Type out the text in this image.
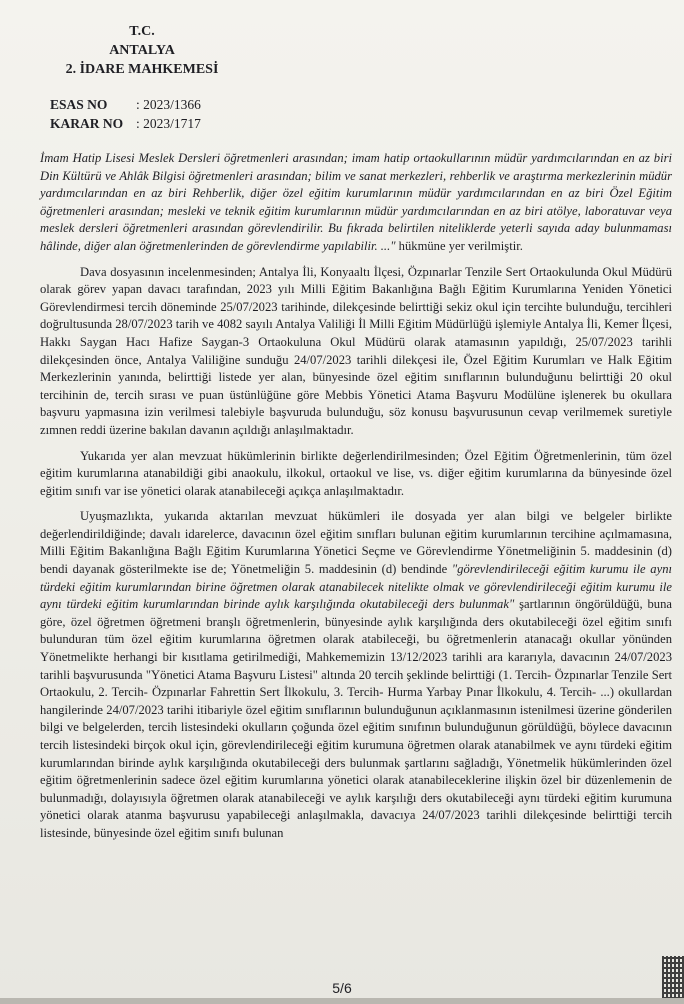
T.C.
ANTALYA
2. İDARE MAHKEMESİ
ESAS NO : 2023/1366
KARAR NO : 2023/1717

İmam Hatip Lisesi Meslek Dersleri öğretmenleri arasından; imam hatip ortaokullarının müdür yardımcılarından en az biri Din Kültürü ve Ahlâk Bilgisi öğretmenleri arasından; bilim ve sanat merkezleri, rehberlik ve araştırma merkezlerinin müdür yardımcılarından en az biri Rehberlik, diğer özel eğitim kurumlarının müdür yardımcılarından en az biri Özel Eğitim öğretmenleri arasından; mesleki ve teknik eğitim kurumlarının müdür yardımcılarından en az biri atölye, laboratuvar veya meslek dersleri öğretmenleri arasından görevlendirilir. Bu fıkrada belirtilen niteliklerde yeterli sayıda aday bulunmaması hâlinde, diğer alan öğretmenlerinden de görevlendirme yapılabilir. ..." hükmüne yer verilmiştir.

Dava dosyasının incelenmesinden; Antalya İli, Konyaaltı İlçesi, Özpınarlar Tenzile Sert Ortaokulunda Okul Müdürü olarak görev yapan davacı tarafından, 2023 yılı Milli Eğitim Bakanlığına Bağlı Eğitim Kurumlarına Yeniden Yönetici Görevlendirmesi tercih döneminde 25/07/2023 tarihinde, dilekçesinde belirttiği sekiz okul için tercihte bulunduğu, tercihleri doğrultusunda 28/07/2023 tarih ve 4082 sayılı Antalya Valiliği İl Milli Eğitim Müdürlüğü işlemiyle Antalya İli, Kemer İlçesi, Hakkı Saygan Hacı Hafize Saygan-3 Ortaokuluna Okul Müdürü olarak atamasının yapıldığı, 25/07/2023 tarihli dilekçesinden önce, Antalya Valiliğine sunduğu 24/07/2023 tarihli dilekçesi ile, Özel Eğitim Kurumları ve Halk Eğitim Merkezlerinin yanında, belirttiği listede yer alan, bünyesinde özel eğitim sınıflarının bulunduğunu belirttiği 20 okul tercihinin de, tercih sırası ve puan üstünlüğüne göre Mebbis Yönetici Atama Başvuru Modülüne işlenerek bu okullara başvuru yapmasına izin verilmesi talebiyle başvuruda bulunduğu, söz konusu başvurusunun cevap verilmemek suretiyle zımnen reddi üzerine bakılan davanın açıldığı anlaşılmaktadır.

Yukarıda yer alan mevzuat hükümlerinin birlikte değerlendirilmesinden; Özel Eğitim Öğretmenlerinin, tüm özel eğitim kurumlarına atanabildiği gibi anaokulu, ilkokul, ortaokul ve lise, vs. diğer eğitim kurumlarına da bünyesinde özel eğitim sınıfı var ise yönetici olarak atanabileceği açıkça anlaşılmaktadır.

Uyuşmazlıkta, yukarıda aktarılan mevzuat hükümleri ile dosyada yer alan bilgi ve belgeler birlikte değerlendirildiğinde; davalı idarelerce, davacının özel eğitim sınıfları bulunan eğitim kurumlarının tercihine açılmamasına, Milli Eğitim Bakanlığına Bağlı Eğitim Kurumlarına Yönetici Seçme ve Görevlendirme Yönetmeliğinin 5. maddesinin (d) bendi dayanak gösterilmekte ise de; Yönetmeliğin 5. maddesinin (d) bendinde "görevlendirileceği eğitim kurumu ile aynı türdeki eğitim kurumlarından birine öğretmen olarak atanabilecek nitelikte olmak ve görevlendirileceği eğitim kurumu ile aynı türdeki eğitim kurumlarından birinde aylık karşılığında okutabileceği ders bulunmak" şartlarının öngörüldüğü, buna göre, özel öğretmen öğretmeni branşlı öğretmenlerin, bünyesinde aylık karşılığında ders okutabileceği özel eğitim sınıfı bulunduran tüm özel eğitim kurumlarına öğretmen olarak atabileceği, bu öğretmenlerin atanacağı okullar yönünden Yönetmelikte herhangi bir kısıtlama getirilmediği, Mahkememizin 13/12/2023 tarihli ara kararıyla, davacının 24/07/2023 tarihli başvurusunda "Yönetici Atama Başvuru Listesi" altında 20 tercih şeklinde belirttiği (1. Tercih- Özpınarlar Tenzile Sert Ortaokulu, 2. Tercih- Özpınarlar Fahrettin Sert İlkokulu, 3. Tercih- Hurma Yarbay Pınar İlkokulu, 4. Tercih- ...) okullardan hangilerinde 24/07/2023 tarihi itibariyle özel eğitim sınıflarının bulunduğunun açıklanmasının istenilmesi üzerine gönderilen bilgi ve belgelerden, tercih listesindeki okulların çoğunda özel eğitim sınıfının bulunduğunun görüldüğü, böylece davacının tercih listesindeki birçok okul için, görevlendirileceği eğitim kurumuna öğretmen olarak atanabilmek ve aynı türdeki eğitim kurumlarından birinde aylık karşılığında okutabileceği ders bulunmak şartlarını sağladığı, Yönetmelik hükümlerinden özel eğitim öğretmenlerinin sadece özel eğitim kurumlarına yönetici olarak atanabileceklerine ilişkin özel bir düzenlemenin de bulunmadığı, dolayısıyla öğretmen olarak atanabileceği ve aylık karşılığı ders okutabileceği aynı türdeki eğitim kurumuna yönetici olarak atanma başvurusu yapabileceği anlaşılmakla, davacıya 24/07/2023 tarihli dilekçesinde belirttiği tercih listesinde, bünyesinde özel eğitim sınıfı bulunan

5/6
